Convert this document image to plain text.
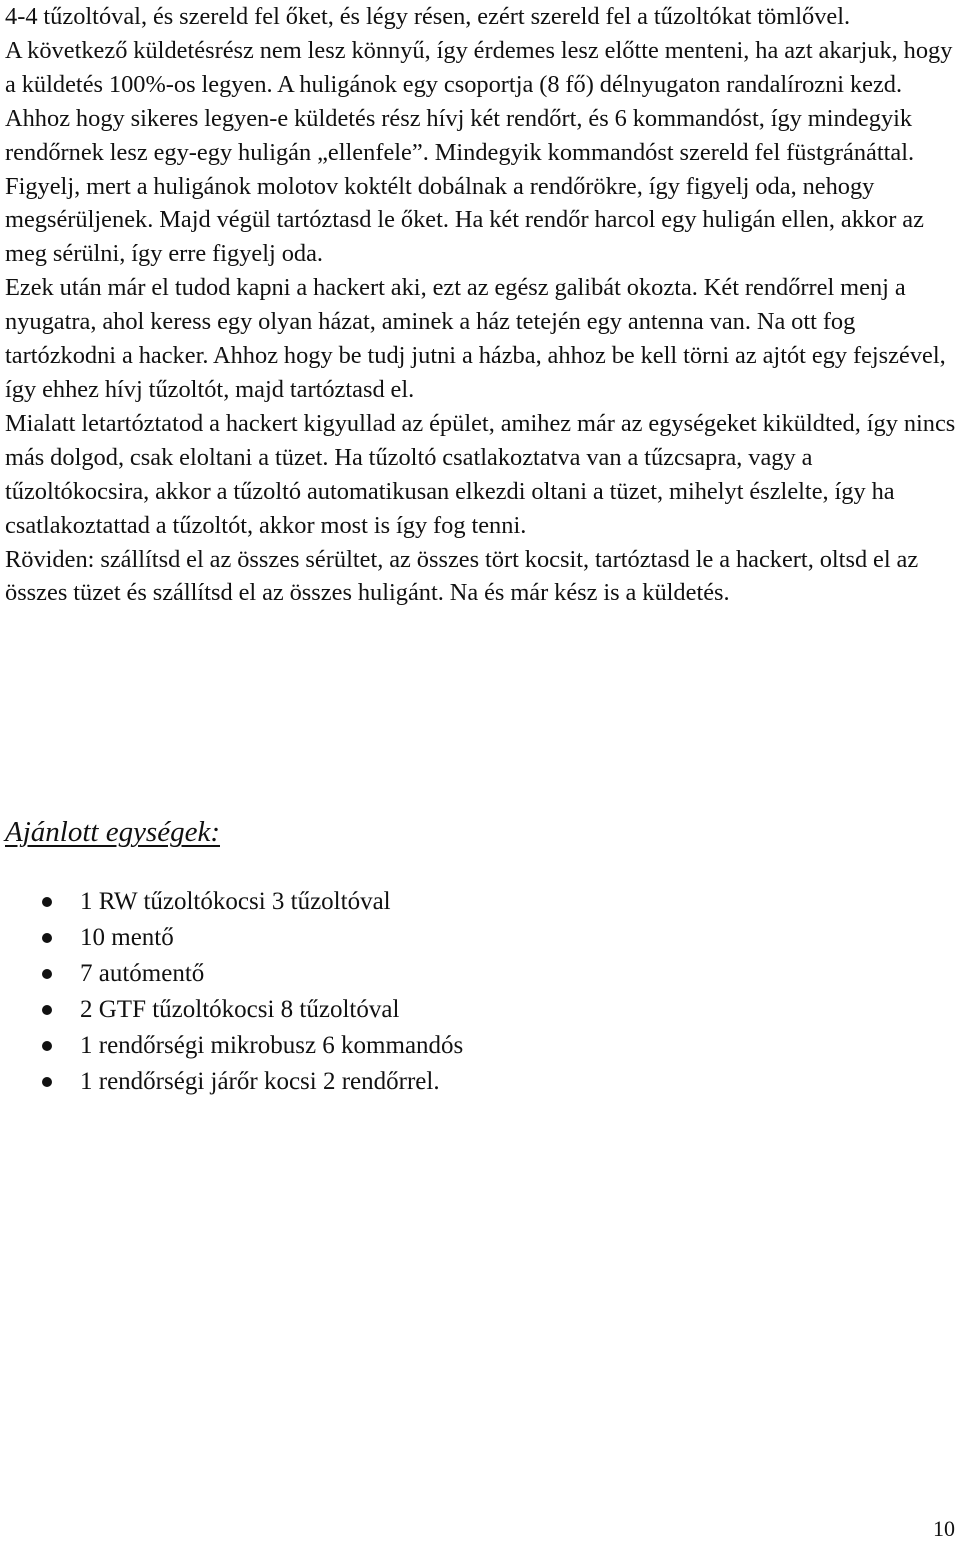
4-4 tűzoltóval, és szereld fel őket, és légy résen, ezért szereld fel a tűzoltókat tömlővel.

A következő küldetésrész nem lesz könnyű, így érdemes lesz előtte menteni, ha azt akarjuk, hogy a küldetés 100%-os legyen. A huligánok egy csoportja (8 fő) délnyugaton randalírozni kezd. Ahhoz hogy sikeres legyen-e küldetés rész hívj két rendőrt, és 6 kommandóst, így mindegyik rendőrnek lesz egy-egy huligán „ellenfele”. Mindegyik kommandóst szereld fel füstgránáttal. Figyelj, mert a huligánok molotov koktélt dobálnak a rendőrökre, így figyelj oda, nehogy megsérüljenek. Majd végül tartóztasd le őket. Ha két rendőr harcol egy huligán ellen, akkor az meg sérülni, így erre figyelj oda.

Ezek után már el tudod kapni a hackert aki, ezt az egész galibát okozta. Két rendőrrel menj a nyugatra, ahol keress egy olyan házat, aminek a ház tetején egy antenna van. Na ott fog tartózkodni a hacker. Ahhoz hogy be tudj jutni a házba, ahhoz be kell törni az ajtót egy fejszével, így ehhez hívj tűzoltót, majd tartóztasd el.

Mialatt letartóztatod a hackert kigyullad az épület, amihez már az egységeket kiküldted, így nincs más dolgod, csak eloltani a tüzet. Ha tűzoltó csatlakoztatva van a tűzcsapra, vagy a tűzoltókocsira, akkor a tűzoltó automatikusan elkezdi oltani a tüzet, mihelyt észlelte, így ha csatlakoztattad a tűzoltót, akkor most is így fog tenni.

Röviden: szállítsd el az összes sérültet, az összes tört kocsit, tartóztasd le a hackert, oltsd el az összes tüzet és szállítsd el az összes huligánt. Na és már kész is a küldetés.

Ajánlott egységek:
1 RW tűzoltókocsi 3 tűzoltóval
10 mentő
7 autómentő
2 GTF tűzoltókocsi 8 tűzoltóval
1 rendőrségi mikrobusz 6 kommandós
1 rendőrségi járőr kocsi 2 rendőrrel.
10
